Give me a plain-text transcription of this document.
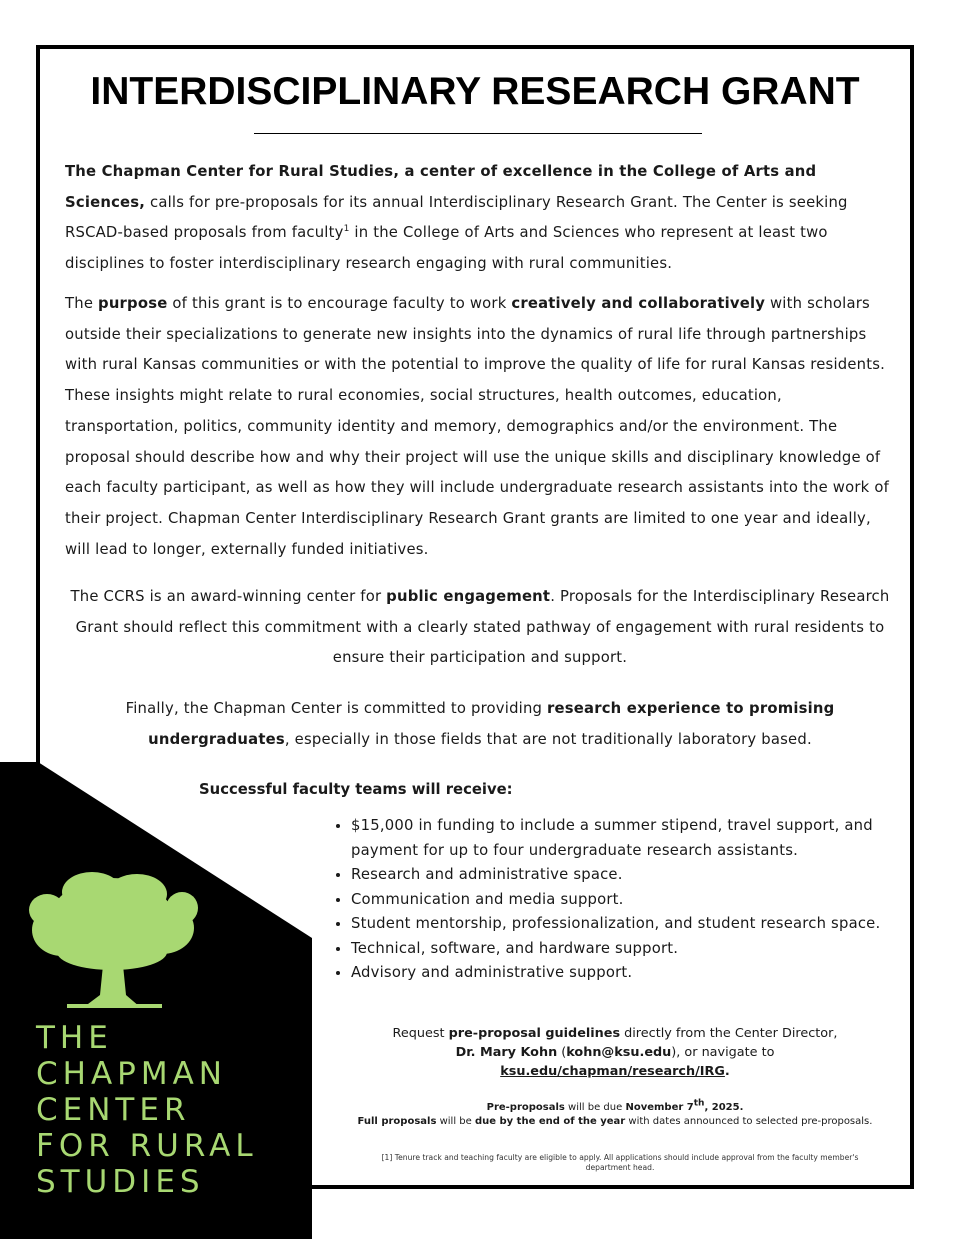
INTERDISCIPLINARY RESEARCH GRANT
The Chapman Center for Rural Studies, a center of excellence in the College of Arts and Sciences, calls for pre-proposals for its annual Interdisciplinary Research Grant. The Center is seeking RSCAD-based proposals from faculty$^1$ in the College of Arts and Sciences who represent at least two disciplines to foster interdisciplinary research engaging with rural communities.
The purpose of this grant is to encourage faculty to work creatively and collaboratively with scholars outside their specializations to generate new insights into the dynamics of rural life through partnerships with rural Kansas communities or with the potential to improve the quality of life for rural Kansas residents. These insights might relate to rural economies, social structures, health outcomes, education, transportation, politics, community identity and memory, demographics and/or the environment. The proposal should describe how and why their project will use the unique skills and disciplinary knowledge of each faculty participant, as well as how they will include undergraduate research assistants into the work of their project. Chapman Center Interdisciplinary Research Grant grants are limited to one year and ideally, will lead to longer, externally funded initiatives.
The CCRS is an award-winning center for public engagement. Proposals for the Interdisciplinary Research Grant should reflect this commitment with a clearly stated pathway of engagement with rural residents to ensure their participation and support.
Finally, the Chapman Center is committed to providing research experience to promising undergraduates, especially in those fields that are not traditionally laboratory based.
THE
CHAPMAN
CENTER
FOR RURAL
STUDIES
Successful faculty teams will receive:
• $15,000 in funding to include a summer stipend, travel support, and payment for up to four undergraduate research assistants.
• Research and administrative space.
• Communication and media support.
• Student mentorship, professionalization, and student research space.
• Technical, software, and hardware support.
• Advisory and administrative support.
Request pre-proposal guidelines directly from the Center Director,
Dr. Mary Kohn (kohn@ksu.edu), or navigate to
ksu.edu/chapman/research/IRG.
Pre-proposals will be due November 7th, 2025.
Full proposals will be due by the end of the year with dates announced to selected pre-proposals.
[1] Tenure track and teaching faculty are eligible to apply. All applications should include approval from the faculty member's department head.
